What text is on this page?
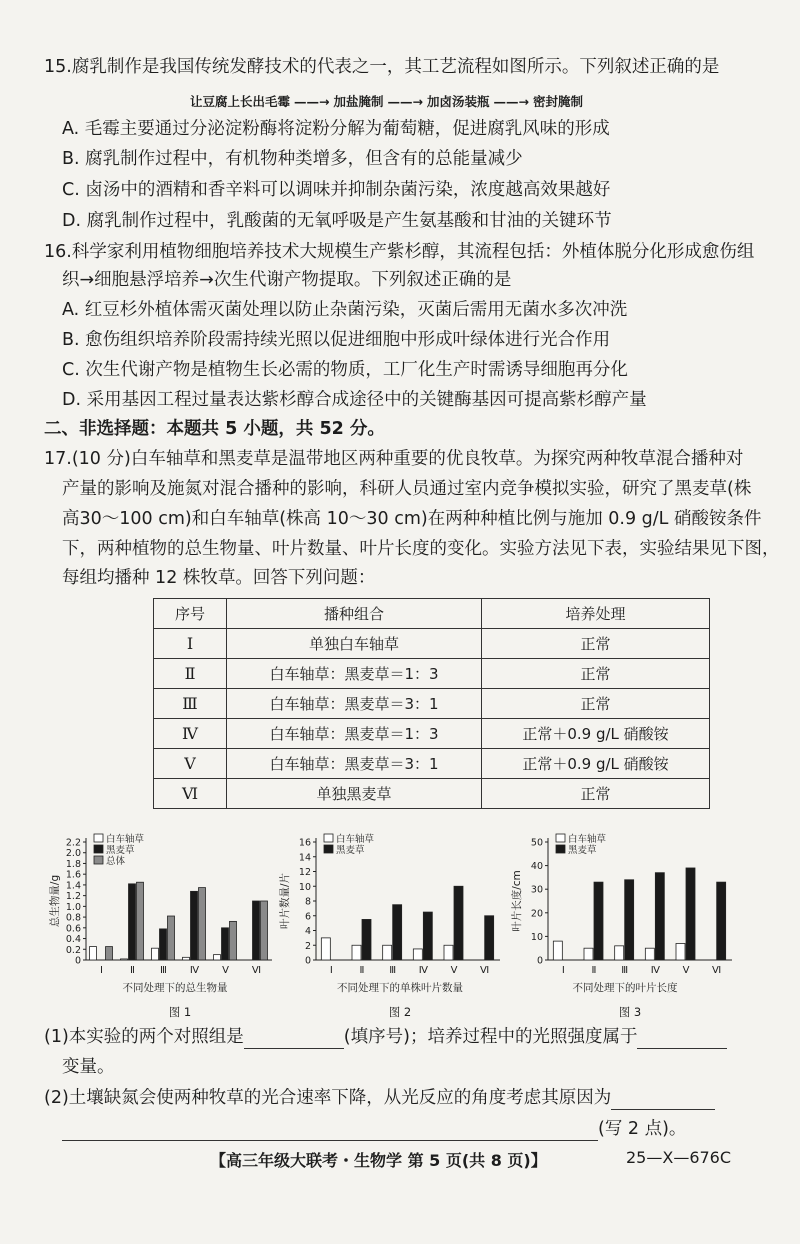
15.腐乳制作是我国传统发酵技术的代表之一，其工艺流程如图所示。下列叙述正确的是
让豆腐上长出毛霉 ——→ 加盐腌制 ——→ 加卤汤装瓶 ——→ 密封腌制
A. 毛霉主要通过分泌淀粉酶将淀粉分解为葡萄糖，促进腐乳风味的形成
B. 腐乳制作过程中，有机物种类增多，但含有的总能量减少
C. 卤汤中的酒精和香辛料可以调味并抑制杂菌污染，浓度越高效果越好
D. 腐乳制作过程中，乳酸菌的无氧呼吸是产生氨基酸和甘油的关键环节
16.科学家利用植物细胞培养技术大规模生产紫杉醇，其流程包括：外植体脱分化形成愈伤组
织→细胞悬浮培养→次生代谢产物提取。下列叙述正确的是
A. 红豆杉外植体需灭菌处理以防止杂菌污染，灭菌后需用无菌水多次冲洗
B. 愈伤组织培养阶段需持续光照以促进细胞中形成叶绿体进行光合作用
C. 次生代谢产物是植物生长必需的物质，工厂化生产时需诱导细胞再分化
D. 采用基因工程过量表达紫杉醇合成途径中的关键酶基因可提高紫杉醇产量
二、非选择题：本题共 5 小题，共 52 分。
17.(10 分)白车轴草和黑麦草是温带地区两种重要的优良牧草。为探究两种牧草混合播种对
产量的影响及施氮对混合播种的影响，科研人员通过室内竞争模拟实验，研究了黑麦草(株
高30～100 cm)和白车轴草(株高 10～30 cm)在两种种植比例与施加 0.9 g/L 硝酸铵条件
下，两种植物的总生物量、叶片数量、叶片长度的变化。实验方法见下表，实验结果见下图，
每组均播种 12 株牧草。回答下列问题：
序号	播种组合	培养处理
Ⅰ	单独白车轴草	正常
Ⅱ	白车轴草：黑麦草＝1：3	正常
Ⅲ	白车轴草：黑麦草＝3：1	正常
Ⅳ	白车轴草：黑麦草＝1：3	正常＋0.9 g/L 硝酸铵
Ⅴ	白车轴草：黑麦草＝3：1	正常＋0.9 g/L 硝酸铵
Ⅵ	单独黑麦草	正常
0
0.2
0.4
0.6
0.8
1.0
1.2
1.4
1.6
1.8
2.0
2.2
总生物量/g
Ⅰ	Ⅱ	Ⅲ Ⅳ Ⅴ Ⅵ
白车轴草
黑麦草
总体
不同处理下的总生物量
图 1
0
2
4
6
8
10
12
14
16
叶片数量/片
Ⅰ	Ⅱ Ⅲ Ⅳ Ⅴ Ⅵ
白车轴草
黑麦草
不同处理下的单株叶片数量
图 2
0
10
20
30
40
50
叶片长度/cm
Ⅰ	Ⅱ Ⅲ Ⅳ Ⅴ Ⅵ
白车轴草
黑麦草
不同处理下的叶片长度
图 3
(1)本实验的两个对照组是	(填序号)；培养过程中的光照强度属于
变量。
(2)土壤缺氮会使两种牧草的光合速率下降，从光反应的角度考虑其原因为
(写 2 点)。
【高三年级大联考・生物学 第 5 页(共 8 页)】	25—X—676C
